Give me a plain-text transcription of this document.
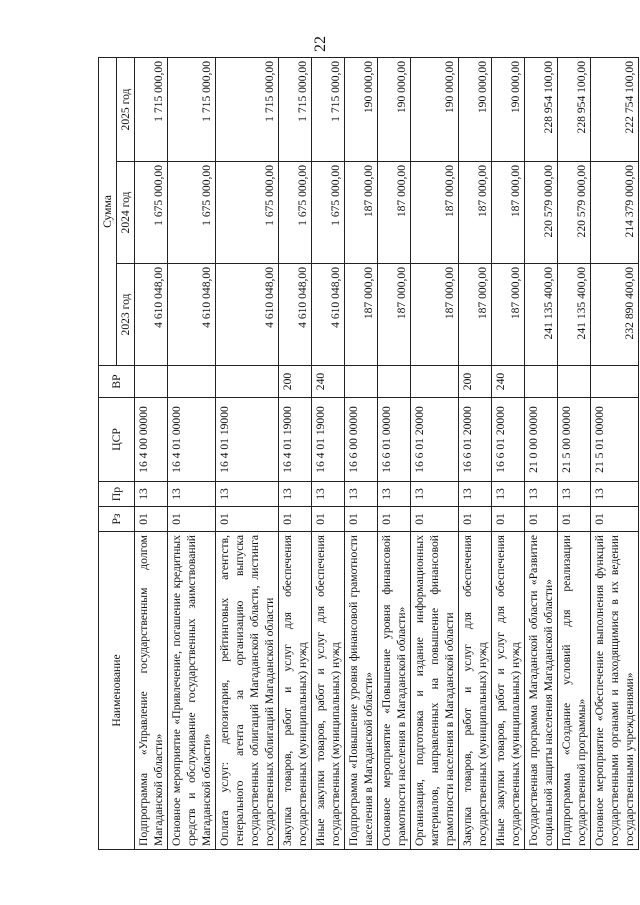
22
Наименование	Рз	Пр	ЦСР	ВР	Сумма		
					2023 год	2024 год	2025 год
Подпрограмма «Управление государственным долгом Магаданской области»	01	13	16 4 00 00000		4 610 048,00	1 675 000,00	1 715 000,00
Основное мероприятие «Привлечение, погашение кредитных средств и обслуживание государственных заимствований Магаданской области»	01	13	16 4 01 00000		4 610 048,00	1 675 000,00	1 715 000,00
Оплата услуг: депозитария, рейтинговых агентств, генерального агента за организацию выпуска государственных облигаций Магаданской области, листинга государственных облигаций Магаданской области	01	13	16 4 01 19000		4 610 048,00	1 675 000,00	1 715 000,00
Закупка товаров, работ и услуг для обеспечения государственных (муниципальных) нужд	01	13	16 4 01 19000	200	4 610 048,00	1 675 000,00	1 715 000,00
Иные закупки товаров, работ и услуг для обеспечения государственных (муниципальных) нужд	01	13	16 4 01 19000	240	4 610 048,00	1 675 000,00	1 715 000,00
Подпрограмма «Повышение уровня финансовой грамотности населения в Магаданской области»	01	13	16 6 00 00000		187 000,00	187 000,00	190 000,00
Основное мероприятие «Повышение уровня финансовой грамотности населения в Магаданской области»	01	13	16 6 01 00000		187 000,00	187 000,00	190 000,00
Организация, подготовка и издание информационных материалов, направленных на повышение финансовой грамотности населения в Магаданской области	01	13	16 6 01 20000		187 000,00	187 000,00	190 000,00
Закупка товаров, работ и услуг для обеспечения государственных (муниципальных) нужд	01	13	16 6 01 20000	200	187 000,00	187 000,00	190 000,00
Иные закупки товаров, работ и услуг для обеспечения государственных (муниципальных) нужд	01	13	16 6 01 20000	240	187 000,00	187 000,00	190 000,00
Государственная программа Магаданской области «Развитие социальной защиты населения Магаданской области»	01	13	21 0 00 00000		241 135 400,00	220 579 000,00	228 954 100,00
Подпрограмма «Создание условий для реализации государственной программы»	01	13	21 5 00 00000		241 135 400,00	220 579 000,00	228 954 100,00
Основное мероприятие «Обеспечение выполнения функций государственными органами и находящимися в их ведении государственными учреждениями»	01	13	21 5 01 00000		232 890 400,00	214 379 000,00	222 754 100,00
